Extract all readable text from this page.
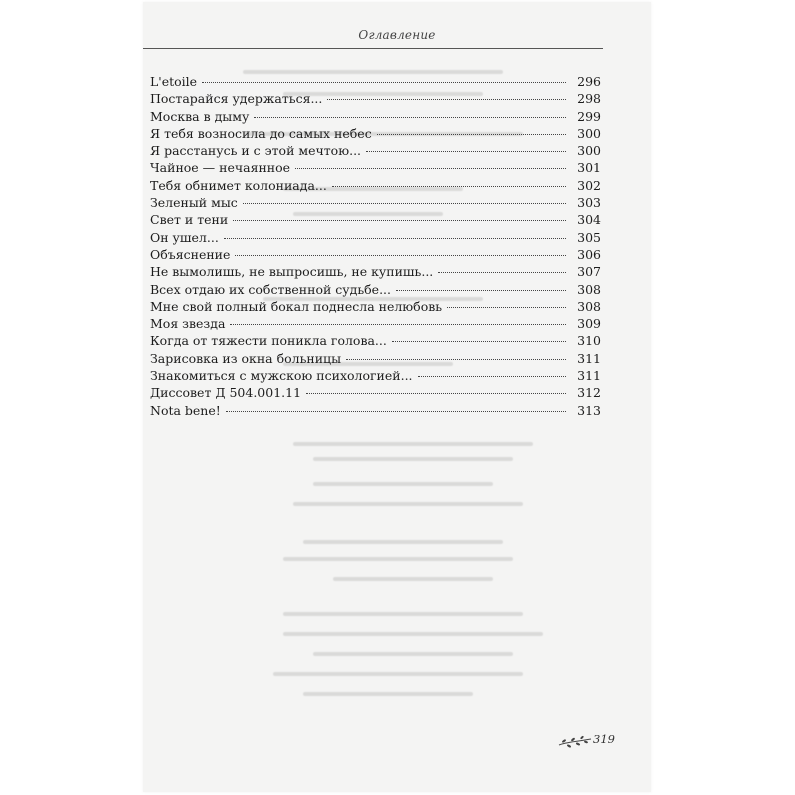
Оглавление
L'etoile	296
Постарайся удержаться...	298
Москва в дыму	299
Я тебя возносила до самых небес	300
Я расстанусь и с этой мечтою...	300
Чайное — нечаянное	301
Тебя обнимет колониада...	302
Зеленый мыс	303
Свет и тени	304
Он ушел...	305
Объяснение	306
Не вымолишь, не выпросишь, не купишь...	307
Всех отдаю их собственной судьбе...	308
Мне свой полный бокал поднесла нелюбовь	308
Моя звезда	309
Когда от тяжести поникла голова...	310
Зарисовка из окна больницы	311
Знакомиться с мужскою психологией...	311
Диссовет Д 504.001.11	312
Nota bene!	313
319
